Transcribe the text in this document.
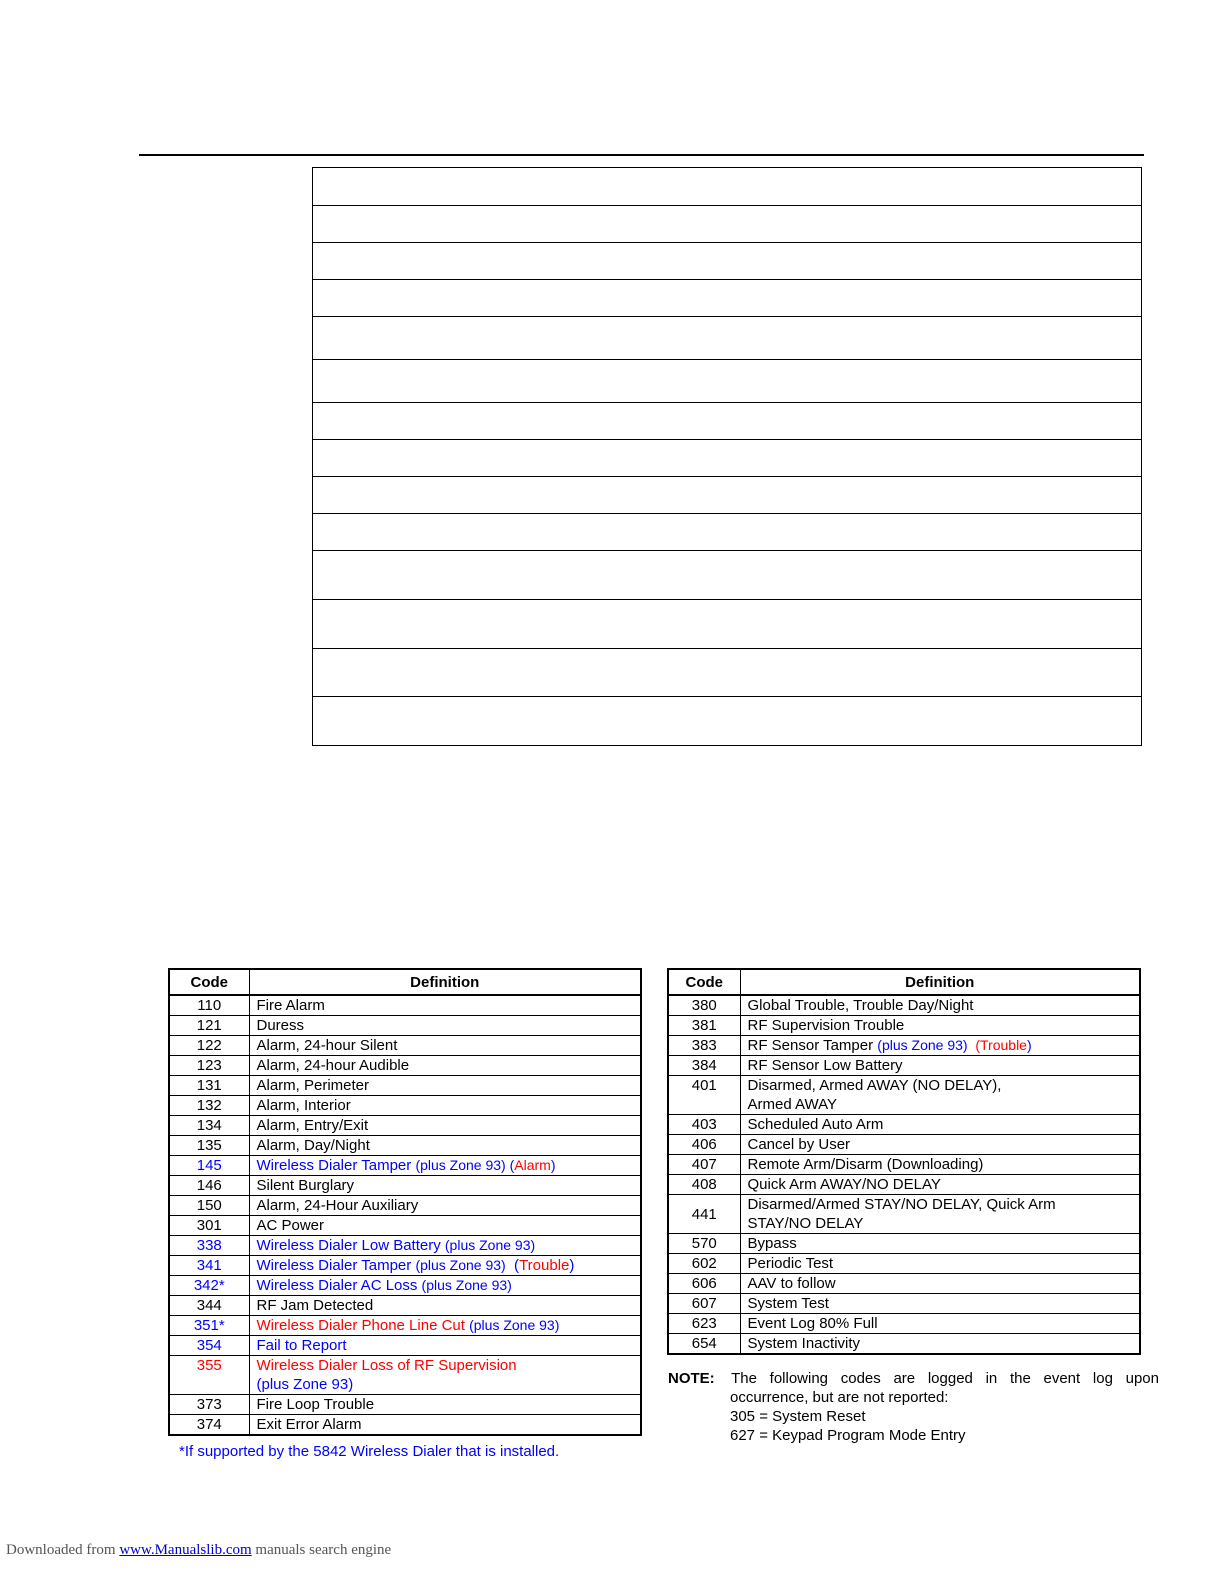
Code	Definition
110	Fire Alarm
121	Duress
122	Alarm, 24-hour Silent
123	Alarm, 24-hour Audible
131	Alarm, Perimeter
132	Alarm, Interior
134	Alarm, Entry/Exit
135	Alarm, Day/Night
145	Wireless Dialer Tamper (plus Zone 93) (Alarm)
146	Silent Burglary
150	Alarm, 24-Hour Auxiliary
301	AC Power
338	Wireless Dialer Low Battery (plus Zone 93)
341	Wireless Dialer Tamper (plus Zone 93)  (Trouble)
342*	Wireless Dialer AC Loss (plus Zone 93)
344	RF Jam Detected
351*	Wireless Dialer Phone Line Cut (plus Zone 93)
354	Fail to Report
355	Wireless Dialer Loss of RF Supervision
(plus Zone 93)
373	Fire Loop Trouble
374	Exit Error Alarm
Code	Definition
380	Global Trouble, Trouble Day/Night
381	RF Supervision Trouble
383	RF Sensor Tamper (plus Zone 93)  (Trouble)
384	RF Sensor Low Battery
401	Disarmed, Armed AWAY (NO DELAY),
Armed AWAY
403	Scheduled Auto Arm
406	Cancel by User
407	Remote Arm/Disarm (Downloading)
408	Quick Arm AWAY/NO DELAY
441	Disarmed/Armed STAY/NO DELAY, Quick Arm
STAY/NO DELAY
570	Bypass
602	Periodic Test
606	AAV to follow
607	System Test
623	Event Log 80% Full
654	System Inactivity
*If supported by the 5842 Wireless Dialer that is installed.
NOTE: The following codes are logged in the event log upon
occurrence, but are not reported:
305 = System Reset
627 = Keypad Program Mode Entry
Downloaded from www.Manualslib.com manuals search engine
